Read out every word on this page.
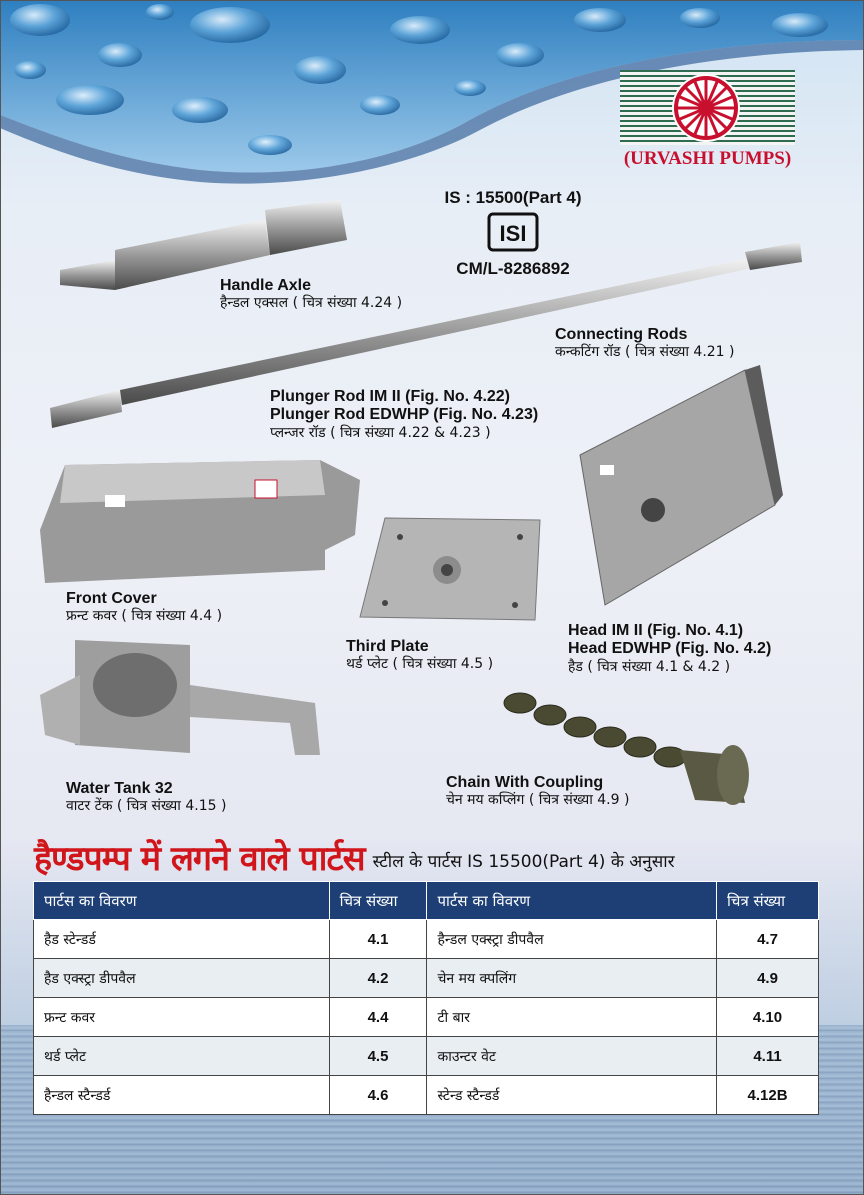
(URVASHI PUMPS)
IS : 15500(Part 4)
ISI
CM/L-8286892
Handle Axle
हैन्डल एक्सल ( चित्र संख्या 4.24 )
Connecting Rods
कन्कटिंग रॉड ( चित्र संख्या 4.21 )
Plunger Rod IM II (Fig. No. 4.22)
Plunger Rod EDWHP (Fig. No. 4.23)
प्लन्जर रॉड ( चित्र संख्या 4.22 & 4.23 )
Front Cover
फ्रन्ट कवर ( चित्र संख्या 4.4 )
Third Plate
थर्ड प्लेट ( चित्र संख्या 4.5 )
Head IM II (Fig. No. 4.1)
Head EDWHP (Fig. No. 4.2)
हैड ( चित्र संख्या 4.1 & 4.2 )
Water Tank 32
वाटर टेंक ( चित्र संख्या 4.15 )
Chain With Coupling
चेन मय कप्लिंग ( चित्र संख्या 4.9 )
हैण्डपम्प में लगने वाले पार्टस स्टील के पार्टस IS 15500(Part 4) के अनुसार
पार्टस का विवरण	चित्र संख्या	पार्टस का विवरण	चित्र संख्या
हैड स्टेन्डर्ड	4.1	हैन्डल एक्स्ट्रा डीपवैल	4.7
हैड एक्स्ट्रा डीपवैल	4.2	चेन मय क्पलिंग	4.9
फ्रन्ट कवर	4.4	टी बार	4.10
थर्ड प्लेट	4.5	काउन्टर वेट	4.11
हैन्डल स्टैन्डर्ड	4.6	स्टेन्ड स्टैन्डर्ड	4.12B
